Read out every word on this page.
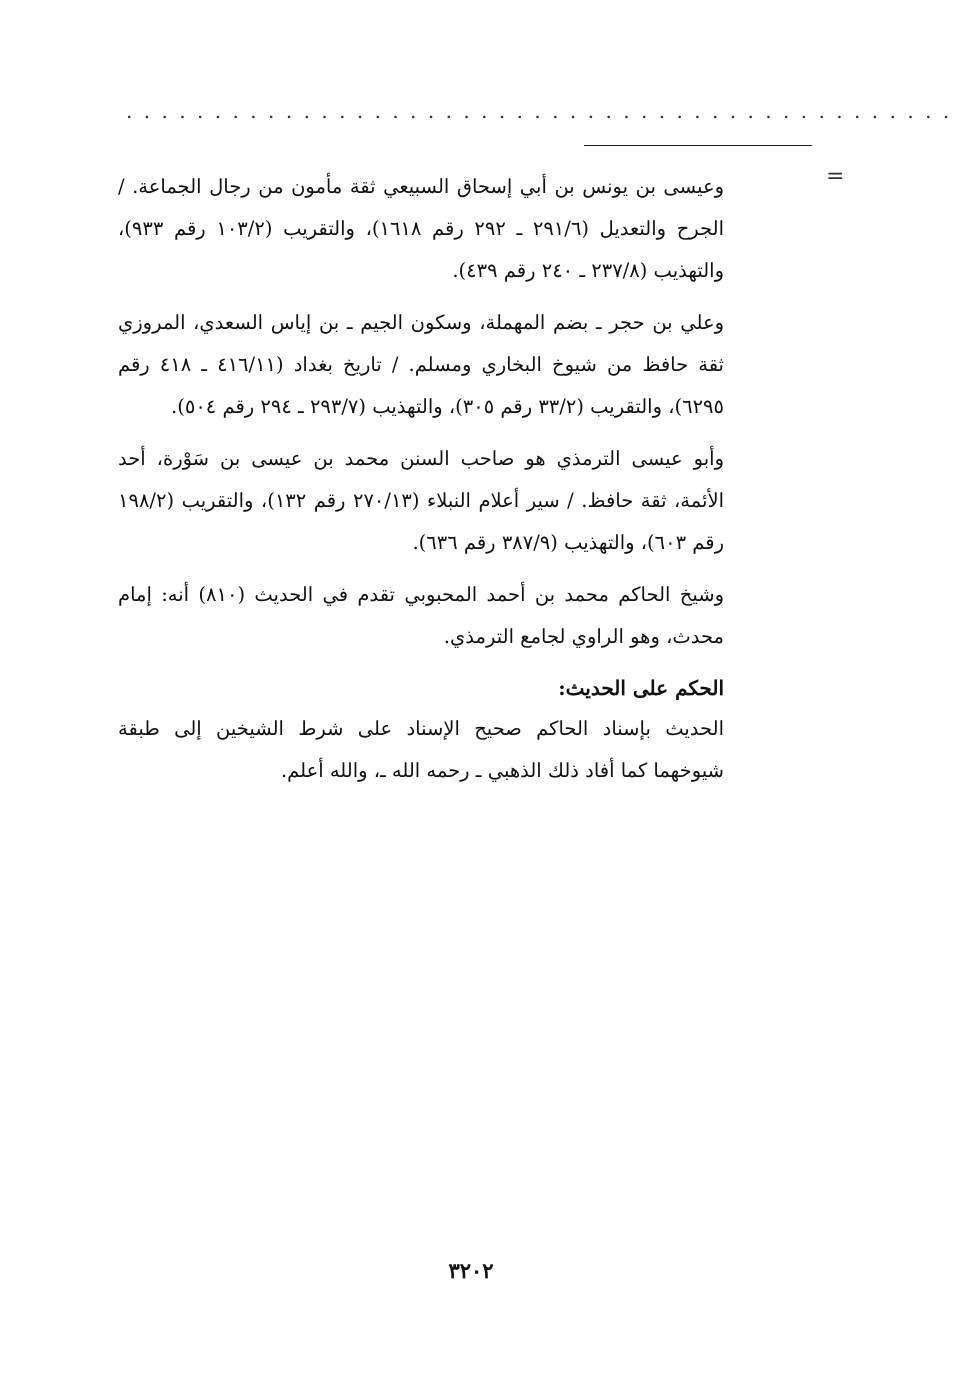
...............................................
=

وعيسى بن يونس بن أبي إسحاق السبيعي ثقة مأمون من رجال الجماعة. / الجرح والتعديل (٢٩١/٦ ـ ٢٩٢ رقم ١٦١٨)، والتقريب (١٠٣/٢ رقم ٩٣٣)، والتهذيب (٢٣٧/٨ ـ ٢٤٠ رقم ٤٣٩).

وعلي بن حجر ـ بضم المهملة، وسكون الجيم ـ بن إياس السعدي، المروزي ثقة حافظ من شيوخ البخاري ومسلم. / تاريخ بغداد (٤١٦/١١ ـ ٤١٨ رقم ٦٢٩٥)، والتقريب (٣٣/٢ رقم ٣٠٥)، والتهذيب (٢٩٣/٧ ـ ٢٩٤ رقم ٥٠٤).

وأبو عيسى الترمذي هو صاحب السنن محمد بن عيسى بن سَوْرة، أحد الأئمة، ثقة حافظ. / سير أعلام النبلاء (٢٧٠/١٣ رقم ١٣٢)، والتقريب (١٩٨/٢ رقم ٦٠٣)، والتهذيب (٣٨٧/٩ رقم ٦٣٦).

وشيخ الحاكم محمد بن أحمد المحبوبي تقدم في الحديث (٨١٠) أنه: إمام محدث، وهو الراوي لجامع الترمذي.

الحكم على الحديث:

الحديث بإسناد الحاكم صحيح الإسناد على شرط الشيخين إلى طبقة شيوخهما كما أفاد ذلك الذهبي ـ رحمه الله ـ، والله أعلم.

٣٢٠٢
